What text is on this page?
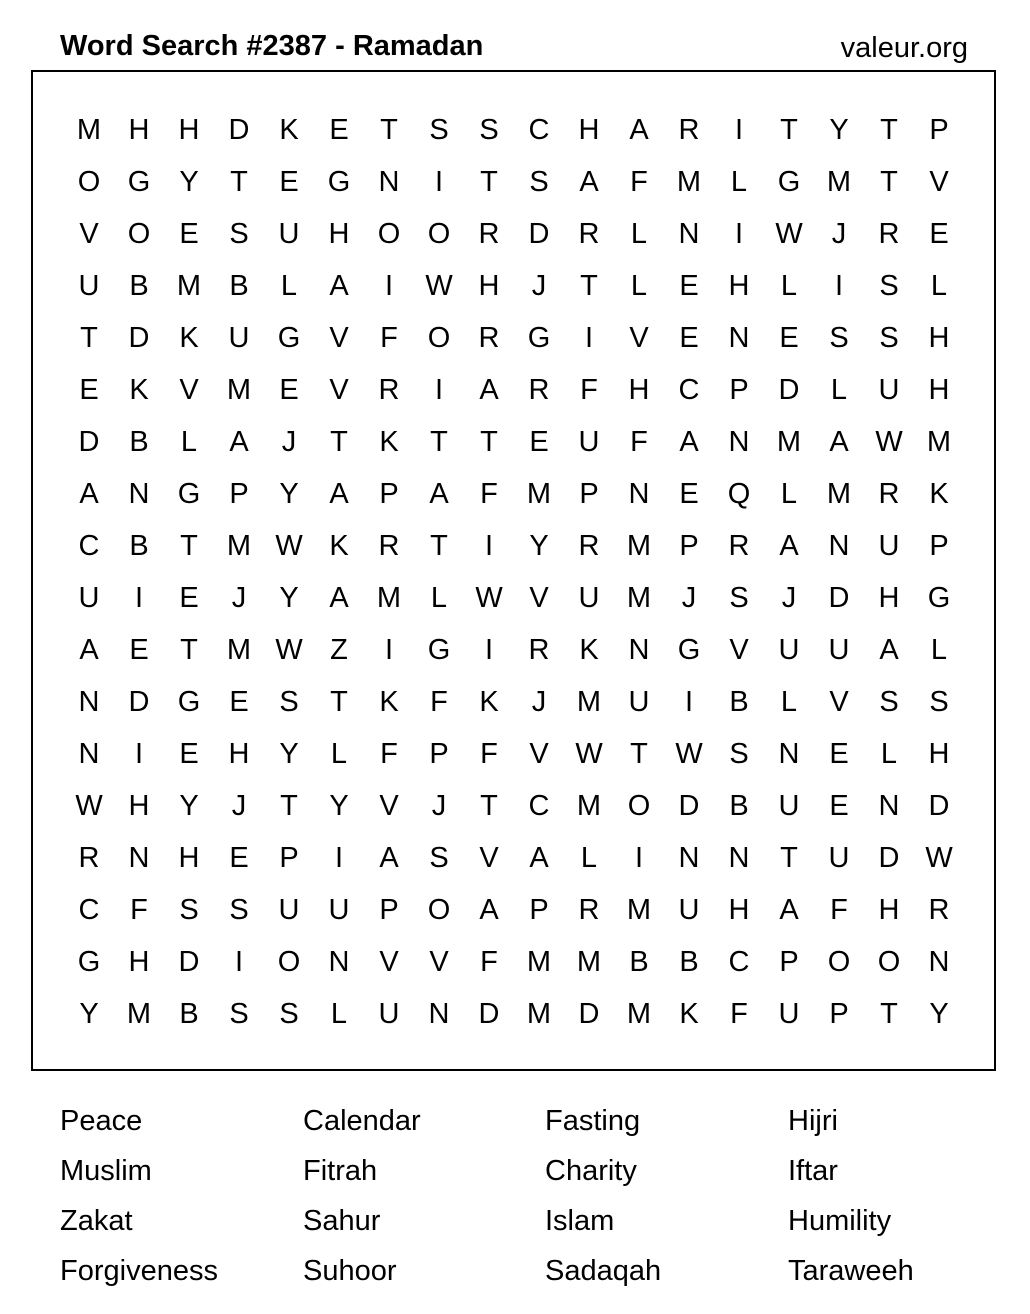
Word Search #2387 - Ramadan	valeur.org
Peace
Muslim
Zakat
Forgiveness
Calendar
Fitrah
Sahur
Suhoor
Fasting
Charity
Islam
Sadaqah
Hijri
Iftar
Humility
Taraweeh
M H	H	D	K	E	T	S	S	C	H	A	R	I	T	Y	T	P
O G	Y	T	E	G N	I	T	S	A	F	M	L	G M	T	V
V	O	E	S	U	H O O R	D	R	L	N	I	W	J	R	E
U	B M B	L	A	I	W H	J	T	L	E	H	L	I	S	L
T	D	K	U G	V	F	O R G	I	V	E	N	E	S	S	H
E	K	V M E	V	R	I	A	R	F	H	C	P	D	L	U	H
D	B	L	A	J	T	K	T	T	E	U	F	A	N M A W M
A	N G	P	Y	A	P	A	F	M P	N	E	Q	L	M R	K
C	B	T	M W K	R	T	I	Y	R M P	R	A	N	U	P
U	I	E	J	Y	A M	L W V	U M	J	S	J	D	H G
A	E	T	M W Z	I	G	I	R	K	N G	V	U	U	A	L
N	D G	E	S	T	K	F	K	J	M U	I	B	L	V	S	S
N	I	E	H	Y	L	F	P	F	V W T W S	N	E	L	H
W H	Y	J	T	Y	V	J	T	C M O D	B	U	E	N	D
R	N	H	E	P	I	A	S	V	A	L	I	N	N	T	U	D W
C	F	S	S	U	U	P	O	A	P	R M U	H	A	F	H	R
G H	D	I	O N	V	V	F	M M B	B	C	P	O O N
Y M B	S	S	L	U	N	D M D M K	F	U	P	T	Y
